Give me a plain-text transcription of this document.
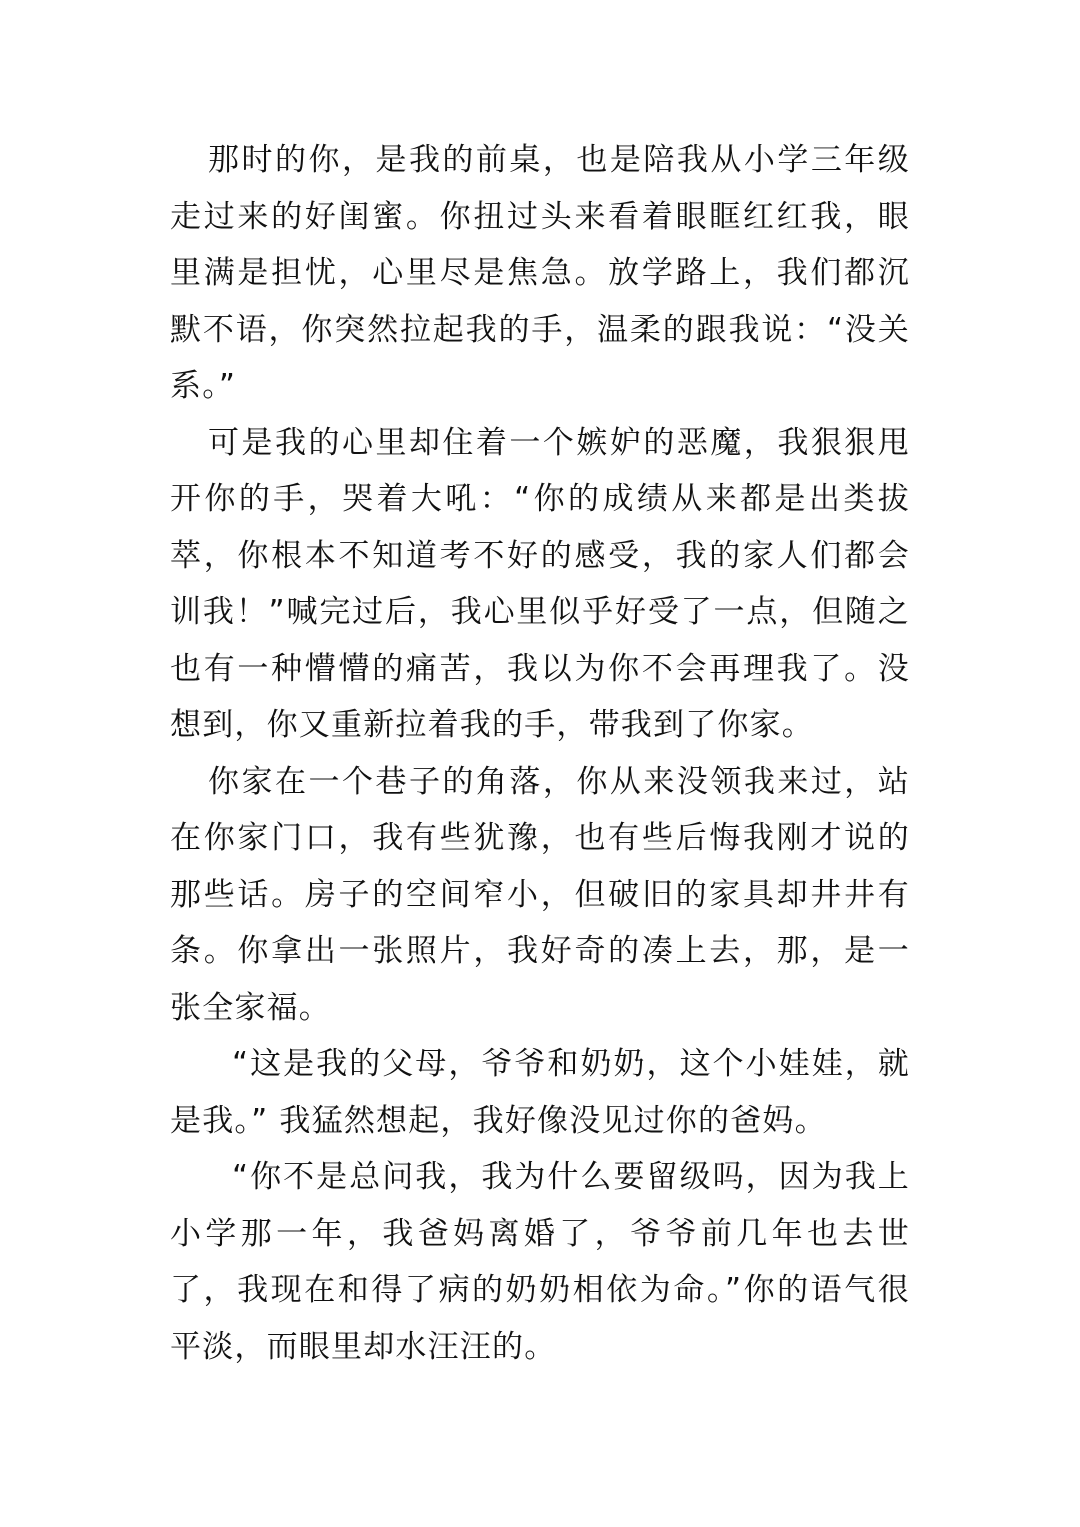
那时的你，是我的前桌，也是陪我从小学三年级走过来的好闺蜜。你扭过头来看着眼眶红红我，眼里满是担忧，心里尽是焦急。放学路上，我们都沉默不语，你突然拉起我的手，温柔的跟我说：“没关系。”

可是我的心里却住着一个嫉妒的恶魔，我狠狠甩开你的手，哭着大吼：“你的成绩从来都是出类拔萃，你根本不知道考不好的感受，我的家人们都会训我！”喊完过后，我心里似乎好受了一点，但随之也有一种懵懵的痛苦，我以为你不会再理我了。没想到，你又重新拉着我的手，带我到了你家。

你家在一个巷子的角落，你从来没领我来过，站在你家门口，我有些犹豫，也有些后悔我刚才说的那些话。房子的空间窄小，但破旧的家具却井井有条。你拿出一张照片，我好奇的凑上去，那，是一张全家福。

“这是我的父母，爷爷和奶奶，这个小娃娃，就是我。” 我猛然想起，我好像没见过你的爸妈。

“你不是总问我，我为什么要留级吗，因为我上小学那一年，我爸妈离婚了，爷爷前几年也去世了，我现在和得了病的奶奶相依为命。”你的语气很平淡，而眼里却水汪汪的。
